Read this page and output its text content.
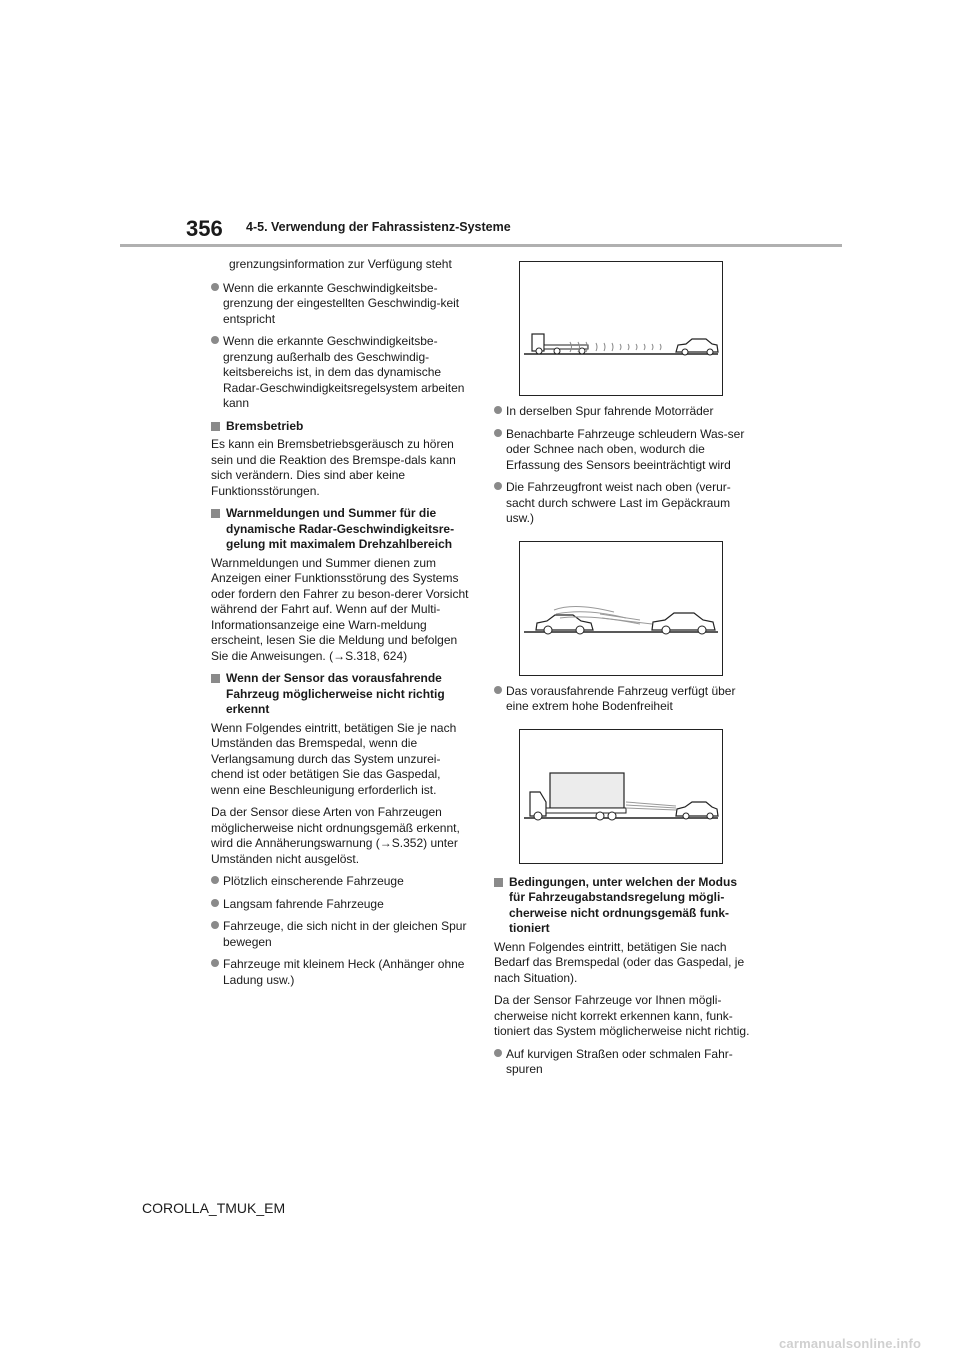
356 4-5. Verwendung der Fahrassistenz-Systeme

grenzungsinformation zur Verfügung steht

Wenn die erkannte Geschwindigkeitsbe-grenzung der eingestellten Geschwindig-keit entspricht
Wenn die erkannte Geschwindigkeitsbe-grenzung außerhalb des Geschwindig-keitsbereichs ist, in dem das dynamische Radar-Geschwindigkeitsregelsystem arbeiten kann
Bremsbetrieb

Es kann ein Bremsbetriebsgeräusch zu hören sein und die Reaktion des Bremspe-dals kann sich verändern. Dies sind aber keine Funktionsstörungen.

Warnmeldungen und Summer für die dynamische Radar-Geschwindigkeitsre-gelung mit maximalem Drehzahlbereich

Warnmeldungen und Summer dienen zum Anzeigen einer Funktionsstörung des Systems oder fordern den Fahrer zu beson-derer Vorsicht während der Fahrt auf. Wenn auf der Multi-Informationsanzeige eine Warn-meldung erscheint, lesen Sie die Meldung und befolgen Sie die Anweisungen. (→S.318, 624)

Wenn der Sensor das vorausfahrende Fahrzeug möglicherweise nicht richtig erkennt

Wenn Folgendes eintritt, betätigen Sie je nach Umständen das Bremspedal, wenn die Verlangsamung durch das System unzurei-chend ist oder betätigen Sie das Gaspedal, wenn eine Beschleunigung erforderlich ist.

Da der Sensor diese Arten von Fahrzeugen möglicherweise nicht ordnungsgemäß erkennt, wird die Annäherungswarnung (→S.352) unter Umständen nicht ausgelöst.

Plötzlich einscherende Fahrzeuge
Langsam fahrende Fahrzeuge
Fahrzeuge, die sich nicht in der gleichen Spur bewegen
Fahrzeuge mit kleinem Heck (Anhänger ohne Ladung usw.)
In derselben Spur fahrende Motorräder
Benachbarte Fahrzeuge schleudern Was-ser oder Schnee nach oben, wodurch die Erfassung des Sensors beeinträchtigt wird
Die Fahrzeugfront weist nach oben (verur-sacht durch schwere Last im Gepäckraum usw.)
Das vorausfahrende Fahrzeug verfügt über eine extrem hohe Bodenfreiheit
Bedingungen, unter welchen der Modus für Fahrzeugabstandsregelung mögli-cherweise nicht ordnungsgemäß funk-tioniert

Wenn Folgendes eintritt, betätigen Sie nach Bedarf das Bremspedal (oder das Gaspedal, je nach Situation).

Da der Sensor Fahrzeuge vor Ihnen mögli-cherweise nicht korrekt erkennen kann, funk-tioniert das System möglicherweise nicht richtig.

Auf kurvigen Straßen oder schmalen Fahr-spuren
COROLLA_TMUK_EM
carmanualsonline.info
